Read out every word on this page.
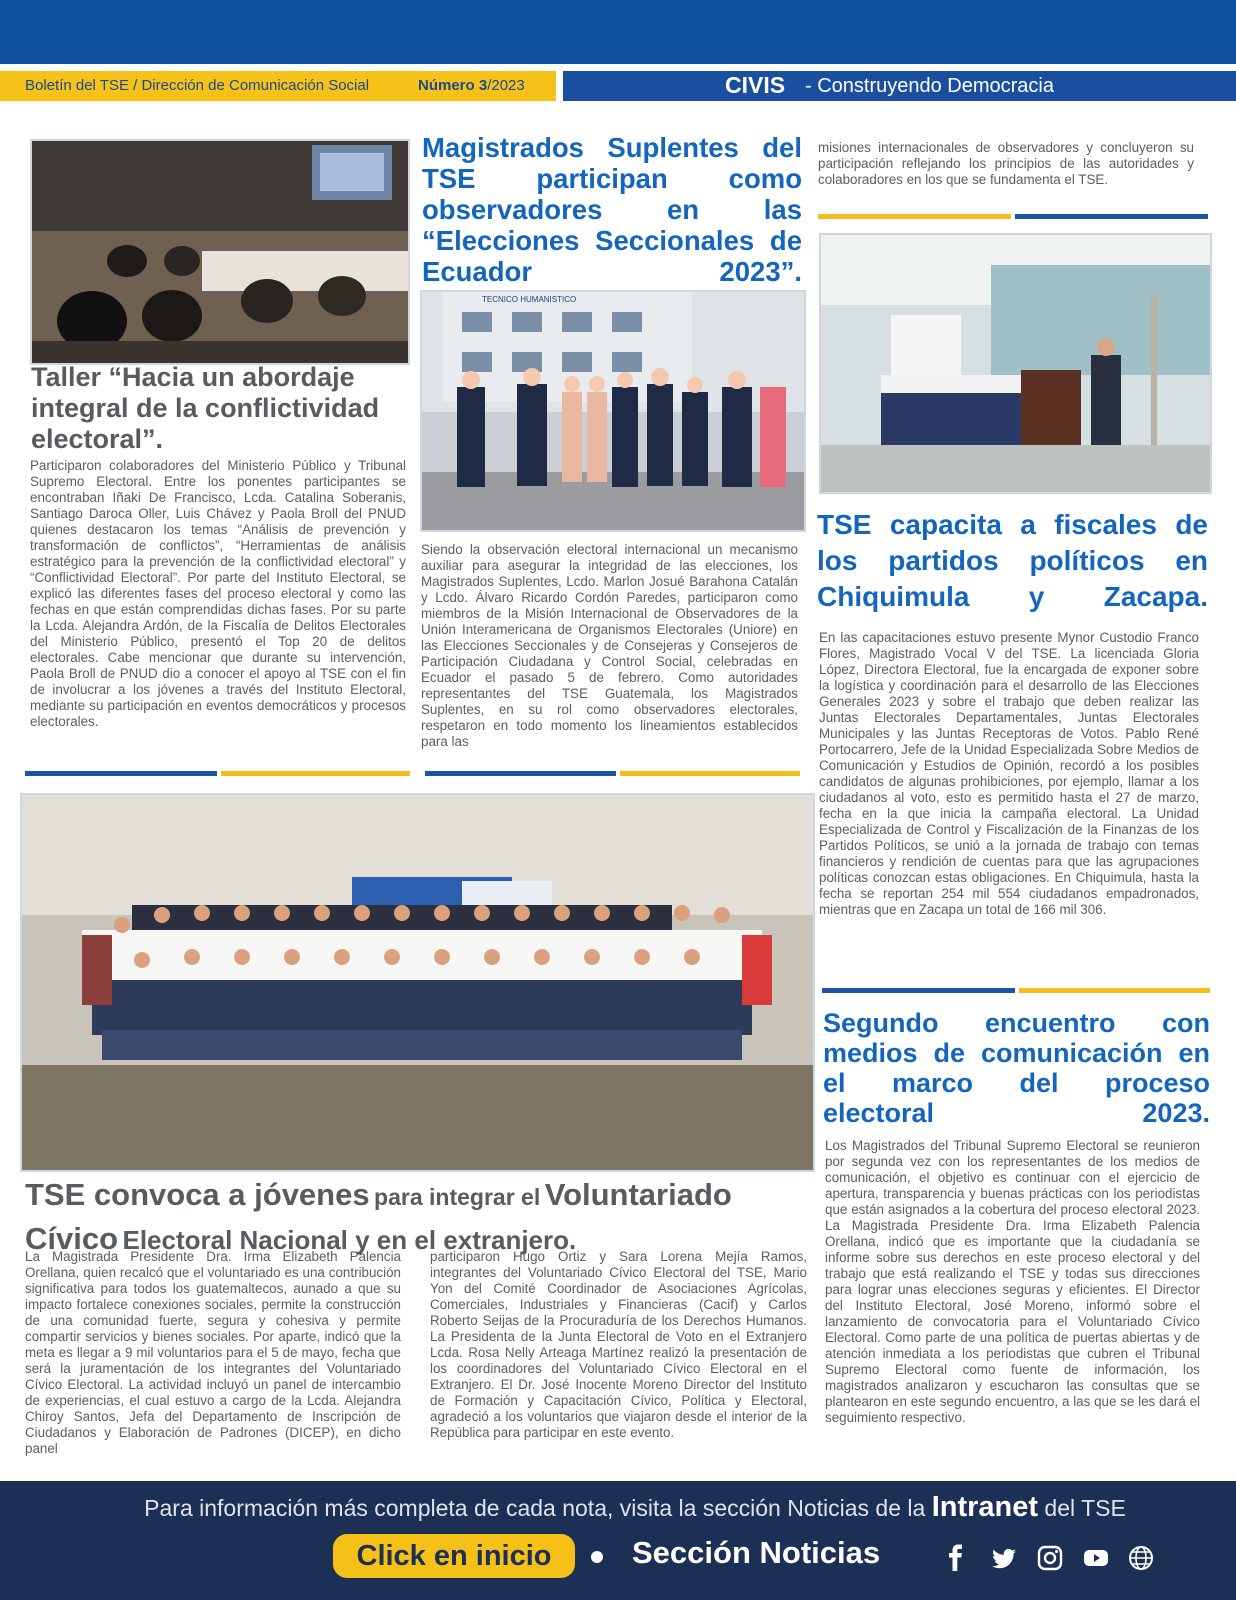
Boletín del TSE / Dirección de Comunicación Social	Número 3/2023	CIVIS - Construyendo Democracia
Taller “Hacia un abordaje integral de la conflictividad electoral”.
Participaron colaboradores del Ministerio Público y Tribunal Supremo Electoral. Entre los ponentes participantes se encontraban Iñaki De Francisco, Lcda. Catalina Soberanis, Santiago Daroca Oller, Luis Chávez y Paola Broll del PNUD quienes destacaron los temas “Análisis de prevención y transformación de conflictos”, “Herramientas de análisis estratégico para la prevención de la conflictividad electoral” y “Conflictividad Electoral”. Por parte del Instituto Electoral, se explicó las diferentes fases del proceso electoral y como las fechas en que están comprendidas dichas fases. Por su parte la Lcda. Alejandra Ardón, de la Fiscalía de Delitos Electorales del Ministerio Público, presentó el Top 20 de delitos electorales. Cabe mencionar que durante su intervención, Paola Broll de PNUD dio a conocer el apoyo al TSE con el fin de involucrar a los jóvenes a través del Instituto Electoral, mediante su participación en eventos democráticos y procesos electorales.
Magistrados Suplentes del TSE participan como observadores en las “Elecciones Seccionales de Ecuador 2023”.
TECNICO HUMANISTICO
Siendo la observación electoral internacional un mecanismo auxiliar para asegurar la integridad de las elecciones, los Magistrados Suplentes, Lcdo. Marlon Josué Barahona Catalán y Lcdo. Álvaro Ricardo Cordón Paredes, participaron como miembros de la Misión Internacional de Observadores de la Unión Interamericana de Organismos Electorales (Uniore) en las Elecciones Seccionales y de Consejeras y Consejeros de Participación Ciudadana y Control Social, celebradas en Ecuador el pasado 5 de febrero. Como autoridades representantes del TSE Guatemala, los Magistrados Suplentes, en su rol como observadores electorales, respetaron en todo momento los lineamientos establecidos para las
misiones internacionales de observadores y concluyeron su participación reflejando los principios de las autoridades y colaboradores en los que se fundamenta el TSE.
TSE capacita a fiscales de los partidos políticos en Chiquimula y Zacapa.
En las capacitaciones estuvo presente Mynor Custodio Franco Flores, Magistrado Vocal V del TSE. La licenciada Gloria López, Directora Electoral, fue la encargada de exponer sobre la logística y coordinación para el desarrollo de las Elecciones Generales 2023 y sobre el trabajo que deben realizar las Juntas Electorales Departamentales, Juntas Electorales Municipales y las Juntas Receptoras de Votos. Pablo René Portocarrero, Jefe de la Unidad Especializada Sobre Medios de Comunicación y Estudios de Opinión, recordó a los posibles candidatos de algunas prohibiciones, por ejemplo, llamar a los ciudadanos al voto, esto es permitido hasta el 27 de marzo, fecha en la que inicia la campaña electoral. La Unidad Especializada de Control y Fiscalización de la Finanzas de los Partidos Políticos, se unió a la jornada de trabajo con temas financieros y rendición de cuentas para que las agrupaciones políticas conozcan estas obligaciones. En Chiquimula, hasta la fecha se reportan 254 mil 554 ciudadanos empadronados, mientras que en Zacapa un total de 166 mil 306.
Segundo encuentro con medios de comunicación en el marco del proceso electoral 2023.
Los Magistrados del Tribunal Supremo Electoral se reunieron por segunda vez con los representantes de los medios de comunicación, el objetivo es continuar con el ejercicio de apertura, transparencia y buenas prácticas con los periodistas que están asignados a la cobertura del proceso electoral 2023. La Magistrada Presidente Dra. Irma Elizabeth Palencia Orellana, indicó que es importante que la ciudadanía se informe sobre sus derechos en este proceso electoral y del trabajo que está realizando el TSE y todas sus direcciones para lograr unas elecciones seguras y eficientes. El Director del Instituto Electoral, José Moreno, informó sobre el lanzamiento de convocatoria para el Voluntariado Cívico Electoral. Como parte de una política de puertas abiertas y de atención inmediata a los periodistas que cubren el Tribunal Supremo Electoral como fuente de información, los magistrados analizaron y escucharon las consultas que se plantearon en este segundo encuentro, a las que se les dará el seguimiento respectivo.
TSE convoca a jóvenes para integrar el Voluntariado
Cívico Electoral Nacional y en el extranjero.
La Magistrada Presidente Dra. Irma Elizabeth Palencia Orellana, quien recalcó que el voluntariado es una contribución significativa para todos los guatemaltecos, aunado a que su impacto fortalece conexiones sociales, permite la construcción de una comunidad fuerte, segura y cohesiva y permite compartir servicios y bienes sociales. Por aparte, indicó que la meta es llegar a 9 mil voluntarios para el 5 de mayo, fecha que será la juramentación de los integrantes del Voluntariado Cívico Electoral. La actividad incluyó un panel de intercambio de experiencias, el cual estuvo a cargo de la Lcda. Alejandra Chiroy Santos, Jefa del Departamento de Inscripción de Ciudadanos y Elaboración de Padrones (DICEP), en dicho panel
participaron Hugo Ortiz y Sara Lorena Mejía Ramos, integrantes del Voluntariado Cívico Electoral del TSE, Mario Yon del Comité Coordinador de Asociaciones Agrícolas, Comerciales, Industriales y Financieras (Cacif) y Carlos Roberto Seijas de la Procuraduría de los Derechos Humanos. La Presidenta de la Junta Electoral de Voto en el Extranjero Lcda. Rosa Nelly Arteaga Martínez realizó la presentación de los coordinadores del Voluntariado Cívico Electoral en el Extranjero. El Dr. José Inocente Moreno Director del Instituto de Formación y Capacitación Cívico, Política y Electoral, agradeció a los voluntarios que viajaron desde el interior de la República para participar en este evento.
Para información más completa de cada nota, visita la sección Noticias de la Intranet del TSE
Click en inicio	Sección Noticias
